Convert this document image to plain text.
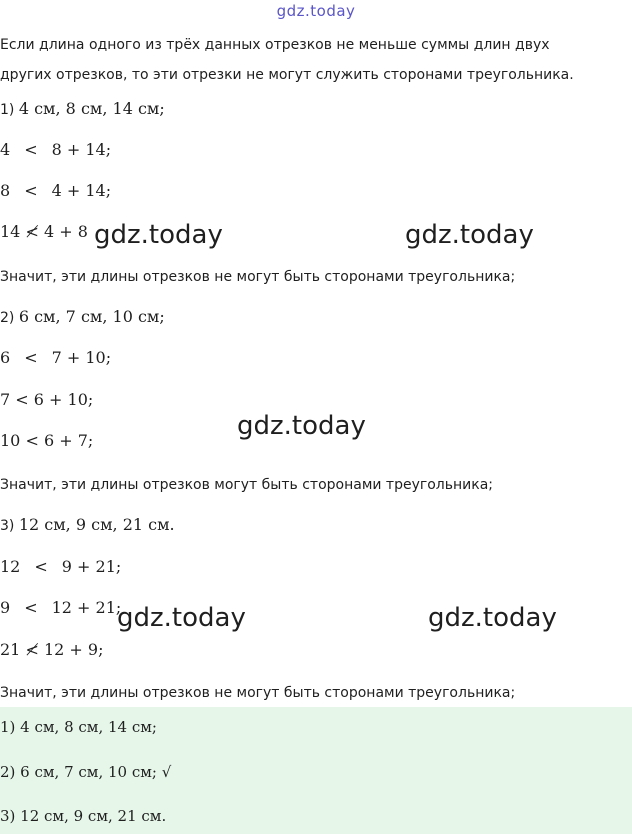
gdz.today
Если длина одного из трёх данных отрезков не меньше суммы длин двух
других отрезков, то эти отрезки не могут служить сторонами треугольника.
1) 4 см, 8 см, 14 см;
4 < 8 + 14;
8 < 4 + 14;
14 ≮ 4 + 8
Значит, эти длины отрезков не могут быть сторонами треугольника;
2) 6 см, 7 см, 10 см;
6 < 7 + 10;
7 < 6 + 10;
10 < 6 + 7;
Значит, эти длины отрезков могут быть сторонами треугольника;
3) 12 см, 9 см, 21 см.
12 < 9 + 21;
9 < 12 + 21;
21 ≮ 12 + 9;
Значит, эти длины отрезков не могут быть сторонами треугольника;
1) 4 см, 8 см, 14 см;
2) 6 см, 7 см, 10 см; √
3) 12 см, 9 см, 21 см.
gdz.today	gdz.today
gdz.today
gdz.today	gdz.today
